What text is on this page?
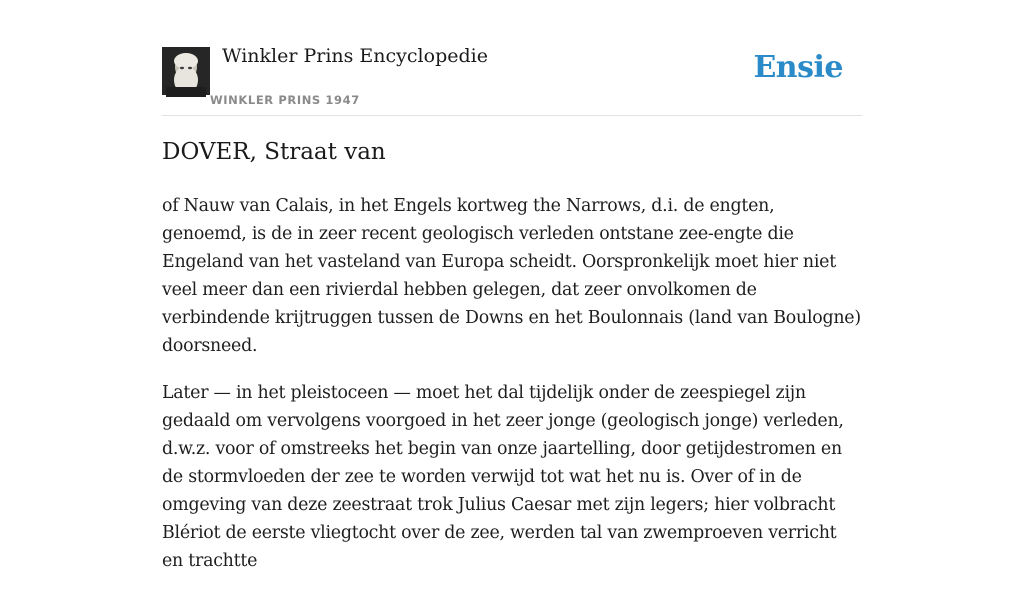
Winkler Prins Encyclopedie
WINKLER PRINS 1947
Ensie
DOVER, Straat van

of Nauw van Calais, in het Engels kortweg the Narrows, d.i. de engten, genoemd, is de in zeer recent geologisch verleden ontstane zee-engte die Engeland van het vasteland van Europa scheidt. Oorspronkelijk moet hier niet veel meer dan een rivierdal hebben gelegen, dat zeer onvolkomen de verbindende krijtruggen tussen de Downs en het Boulonnais (land van Boulogne) doorsneed.

Later — in het pleistoceen — moet het dal tijdelijk onder de zeespiegel zijn gedaald om vervolgens voorgoed in het zeer jonge (geologisch jonge) verleden, d.w.z. voor of omstreeks het begin van onze jaartelling, door getijdestromen en de stormvloeden der zee te worden verwijd tot wat het nu is. Over of in de omgeving van deze zeestraat trok Julius Caesar met zijn legers; hier volbracht Blériot de eerste vliegtocht over de zee, werden tal van zwemproeven verricht en trachtte
